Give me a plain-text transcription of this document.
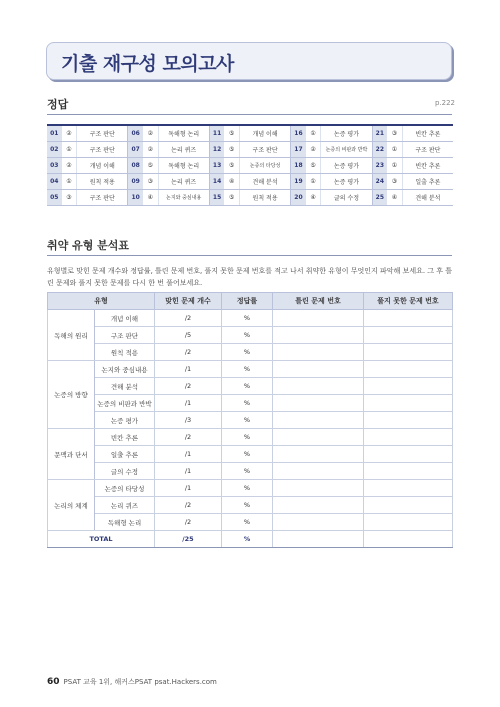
기출 재구성 모의고사
정답	p.222
01	②	구조 판단	06	②	독해형 논리	11	⑤	개념 이해	16	①	논증 평가	21	③	빈칸 추론
02	①	구조 판단	07	②	논리 퀴즈	12	⑤	구조 판단	17	②	논증의 비판과 반박	22	①	구조 판단
03	②	개념 이해	08	⑤	독해형 논리	13	⑤	논증의 타당성	18	⑤	논증 평가	23	①	빈칸 추론
04	①	원칙 적용	09	③	논리 퀴즈	14	④	견해 분석	19	①	논증 평가	24	③	일출 추론
05	③	구조 판단	10	④	논지와 중심내용	15	⑤	원칙 적용	20	④	글의 수정	25	④	견해 분석
취약 유형 분석표
유형별로 맞힌 문제 개수와 정답률, 틀린 문제 번호, 풀지 못한 문제 번호를 적고 나서 취약한 유형이 무엇인지 파악해 보세요. 그 후 틀린 문제와 풀지 못한 문제를 다시 한 번 풀어보세요.
유형		맞힌 문제 개수	정답률	틀린 문제 번호	풀지 못한 문제 번호
독해의 원리	개념 이해	/2	%		
	구조 판단	/5	%		
	원칙 적용	/2	%		
논증의 방향	논지와 중심내용	/1	%		
	견해 분석	/2	%		
	논증의 비판과 반박	/1	%		
	논증 평가	/3	%		
문맥과 단서	빈칸 추론	/2	%		
	일출 추론	/1	%		
	글의 수정	/1	%		
논리의 체계	논증의 타당성	/1	%		
	논리 퀴즈	/2	%		
	독해형 논리	/2	%		
TOTAL		/25	%		
60 PSAT 교육 1위, 해커스PSAT psat.Hackers.com
